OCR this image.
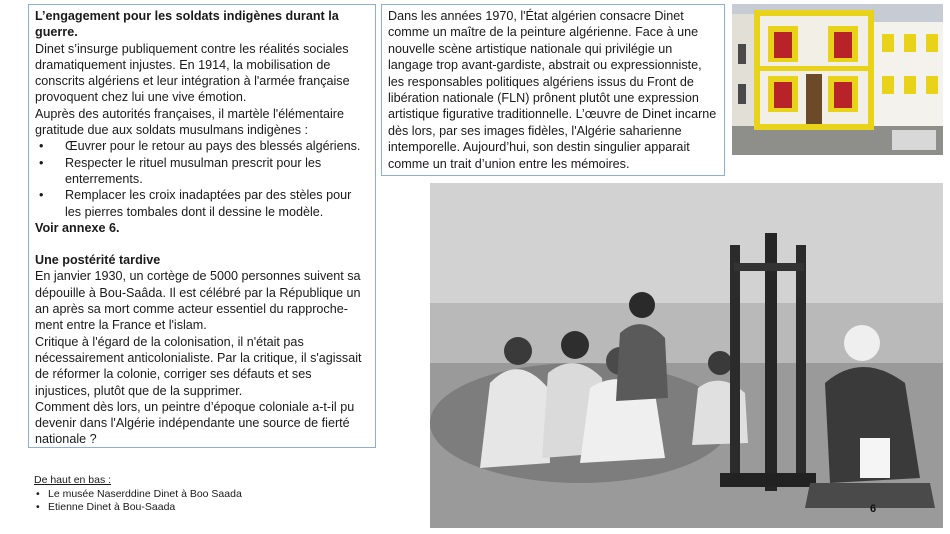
L’engagement pour les soldats indigènes durant la guerre.
Dinet s’insurge publiquement contre les réalités sociales dramatiquement injustes. En 1914, la mobilisation de conscrits algériens et leur intégration à l'armée française provoquent chez lui une vive émotion.
Auprès des autorités françaises, il martèle l'élémentaire gratitude due aux soldats musulmans indigènes :
• Œuvrer pour le retour au pays des blessés algériens.
• Respecter le rituel musulman prescrit pour les enterrements.
• Remplacer les croix inadaptées par des stèles pour les pierres tombales dont il dessine le modèle.
Voir annexe 6.
Une postérité tardive
En janvier 1930, un cortège de 5000 personnes suivent sa dépouille à Bou-Saâda. Il est célébré par la République un an après sa mort comme acteur essentiel du rapproche-ment entre la France et l'islam.
Critique à l'égard de la colonisation, il n'était pas nécessairement anticolonialiste. Par la critique, il s'agissait de réformer la colonie, corriger ses défauts et ses injustices, plutôt que de la supprimer.
Comment dès lors, un peintre d’époque coloniale a-t-il pu devenir dans l'Algérie indépendante une source de fierté nationale ?
Dans les années 1970, l'État algérien consacre Dinet comme un maître de la peinture algérienne. Face à une nouvelle scène artistique nationale qui privilégie un langage trop avant-gardiste, abstrait ou expressionniste, les responsables politiques algériens issus du Front de libération nationale (FLN) prônent plutôt une expression artistique figurative traditionnelle. L’œuvre de Dinet incarne dès lors, par ses images fidèles, l'Algérie saharienne intemporelle. Aujourd’hui, son destin singulier apparait comme un trait d’union entre les mémoires.
6
De haut en bas :
• Le musée Naserddine Dinet à Boo Saada
• Etienne Dinet à Bou-Saada
